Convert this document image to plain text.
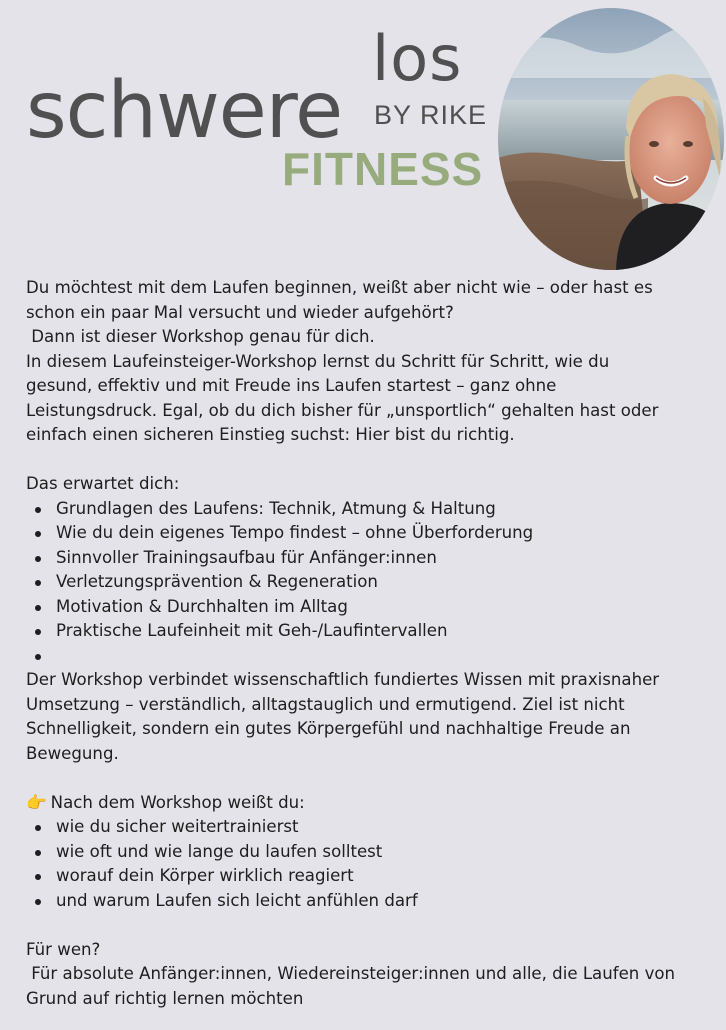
schwere
los
BY RIKE
FITNESS

Du möchtest mit dem Laufen beginnen, weißt aber nicht wie – oder hast es

schon ein paar Mal versucht und wieder aufgehört?

Dann ist dieser Workshop genau für dich.

In diesem Laufeinsteiger-Workshop lernst du Schritt für Schritt, wie du

gesund, effektiv und mit Freude ins Laufen startest – ganz ohne

Leistungsdruck. Egal, ob du dich bisher für „unsportlich“ gehalten hast oder

einfach einen sicheren Einstieg suchst: Hier bist du richtig.

Das erwartet dich:

Grundlagen des Laufens: Technik, Atmung & Haltung
Wie du dein eigenes Tempo findest – ohne Überforderung
Sinnvoller Trainingsaufbau für Anfänger:innen
Verletzungsprävention & Regeneration
Motivation & Durchhalten im Alltag
Praktische Laufeinheit mit Geh-/Laufintervallen

Der Workshop verbindet wissenschaftlich fundiertes Wissen mit praxisnaher

Umsetzung – verständlich, alltagstauglich und ermutigend. Ziel ist nicht

Schnelligkeit, sondern ein gutes Körpergefühl und nachhaltige Freude an

Bewegung.

👉 Nach dem Workshop weißt du:

wie du sicher weitertrainierst
wie oft und wie lange du laufen solltest
worauf dein Körper wirklich reagiert
und warum Laufen sich leicht anfühlen darf

Für wen?

Für absolute Anfänger:innen, Wiedereinsteiger:innen und alle, die Laufen von

Grund auf richtig lernen möchten
